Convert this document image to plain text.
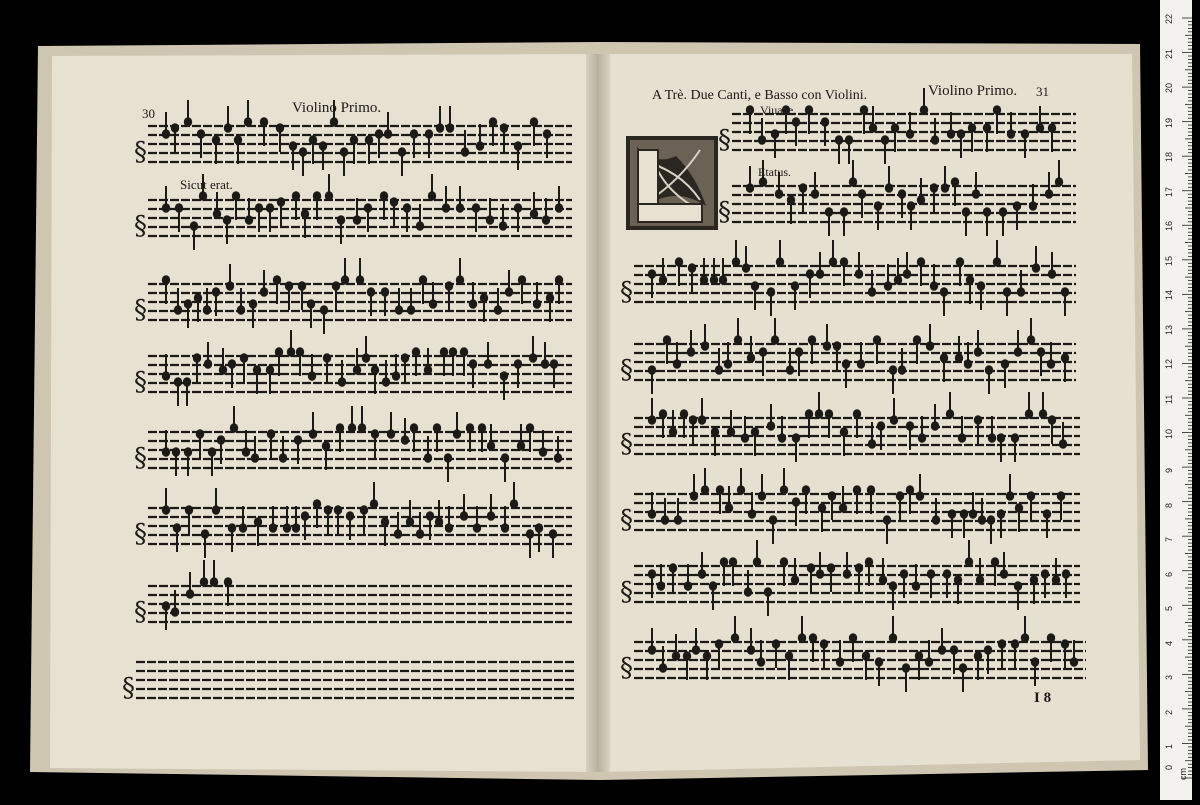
§
§
§
§
§
§
§
§
§
§
§
§
§
§
§
§
30	Violino Primo.
Sicut erat.
A Trè. Due Canti, e Basso con Violini.	Violino Primo. 31
Viuace.
Etatus.
I 8
1
2
3
4
5
6
7
8
9
10
11
12
13
14
15
16
17
18
19
20
21
22
0
cm
